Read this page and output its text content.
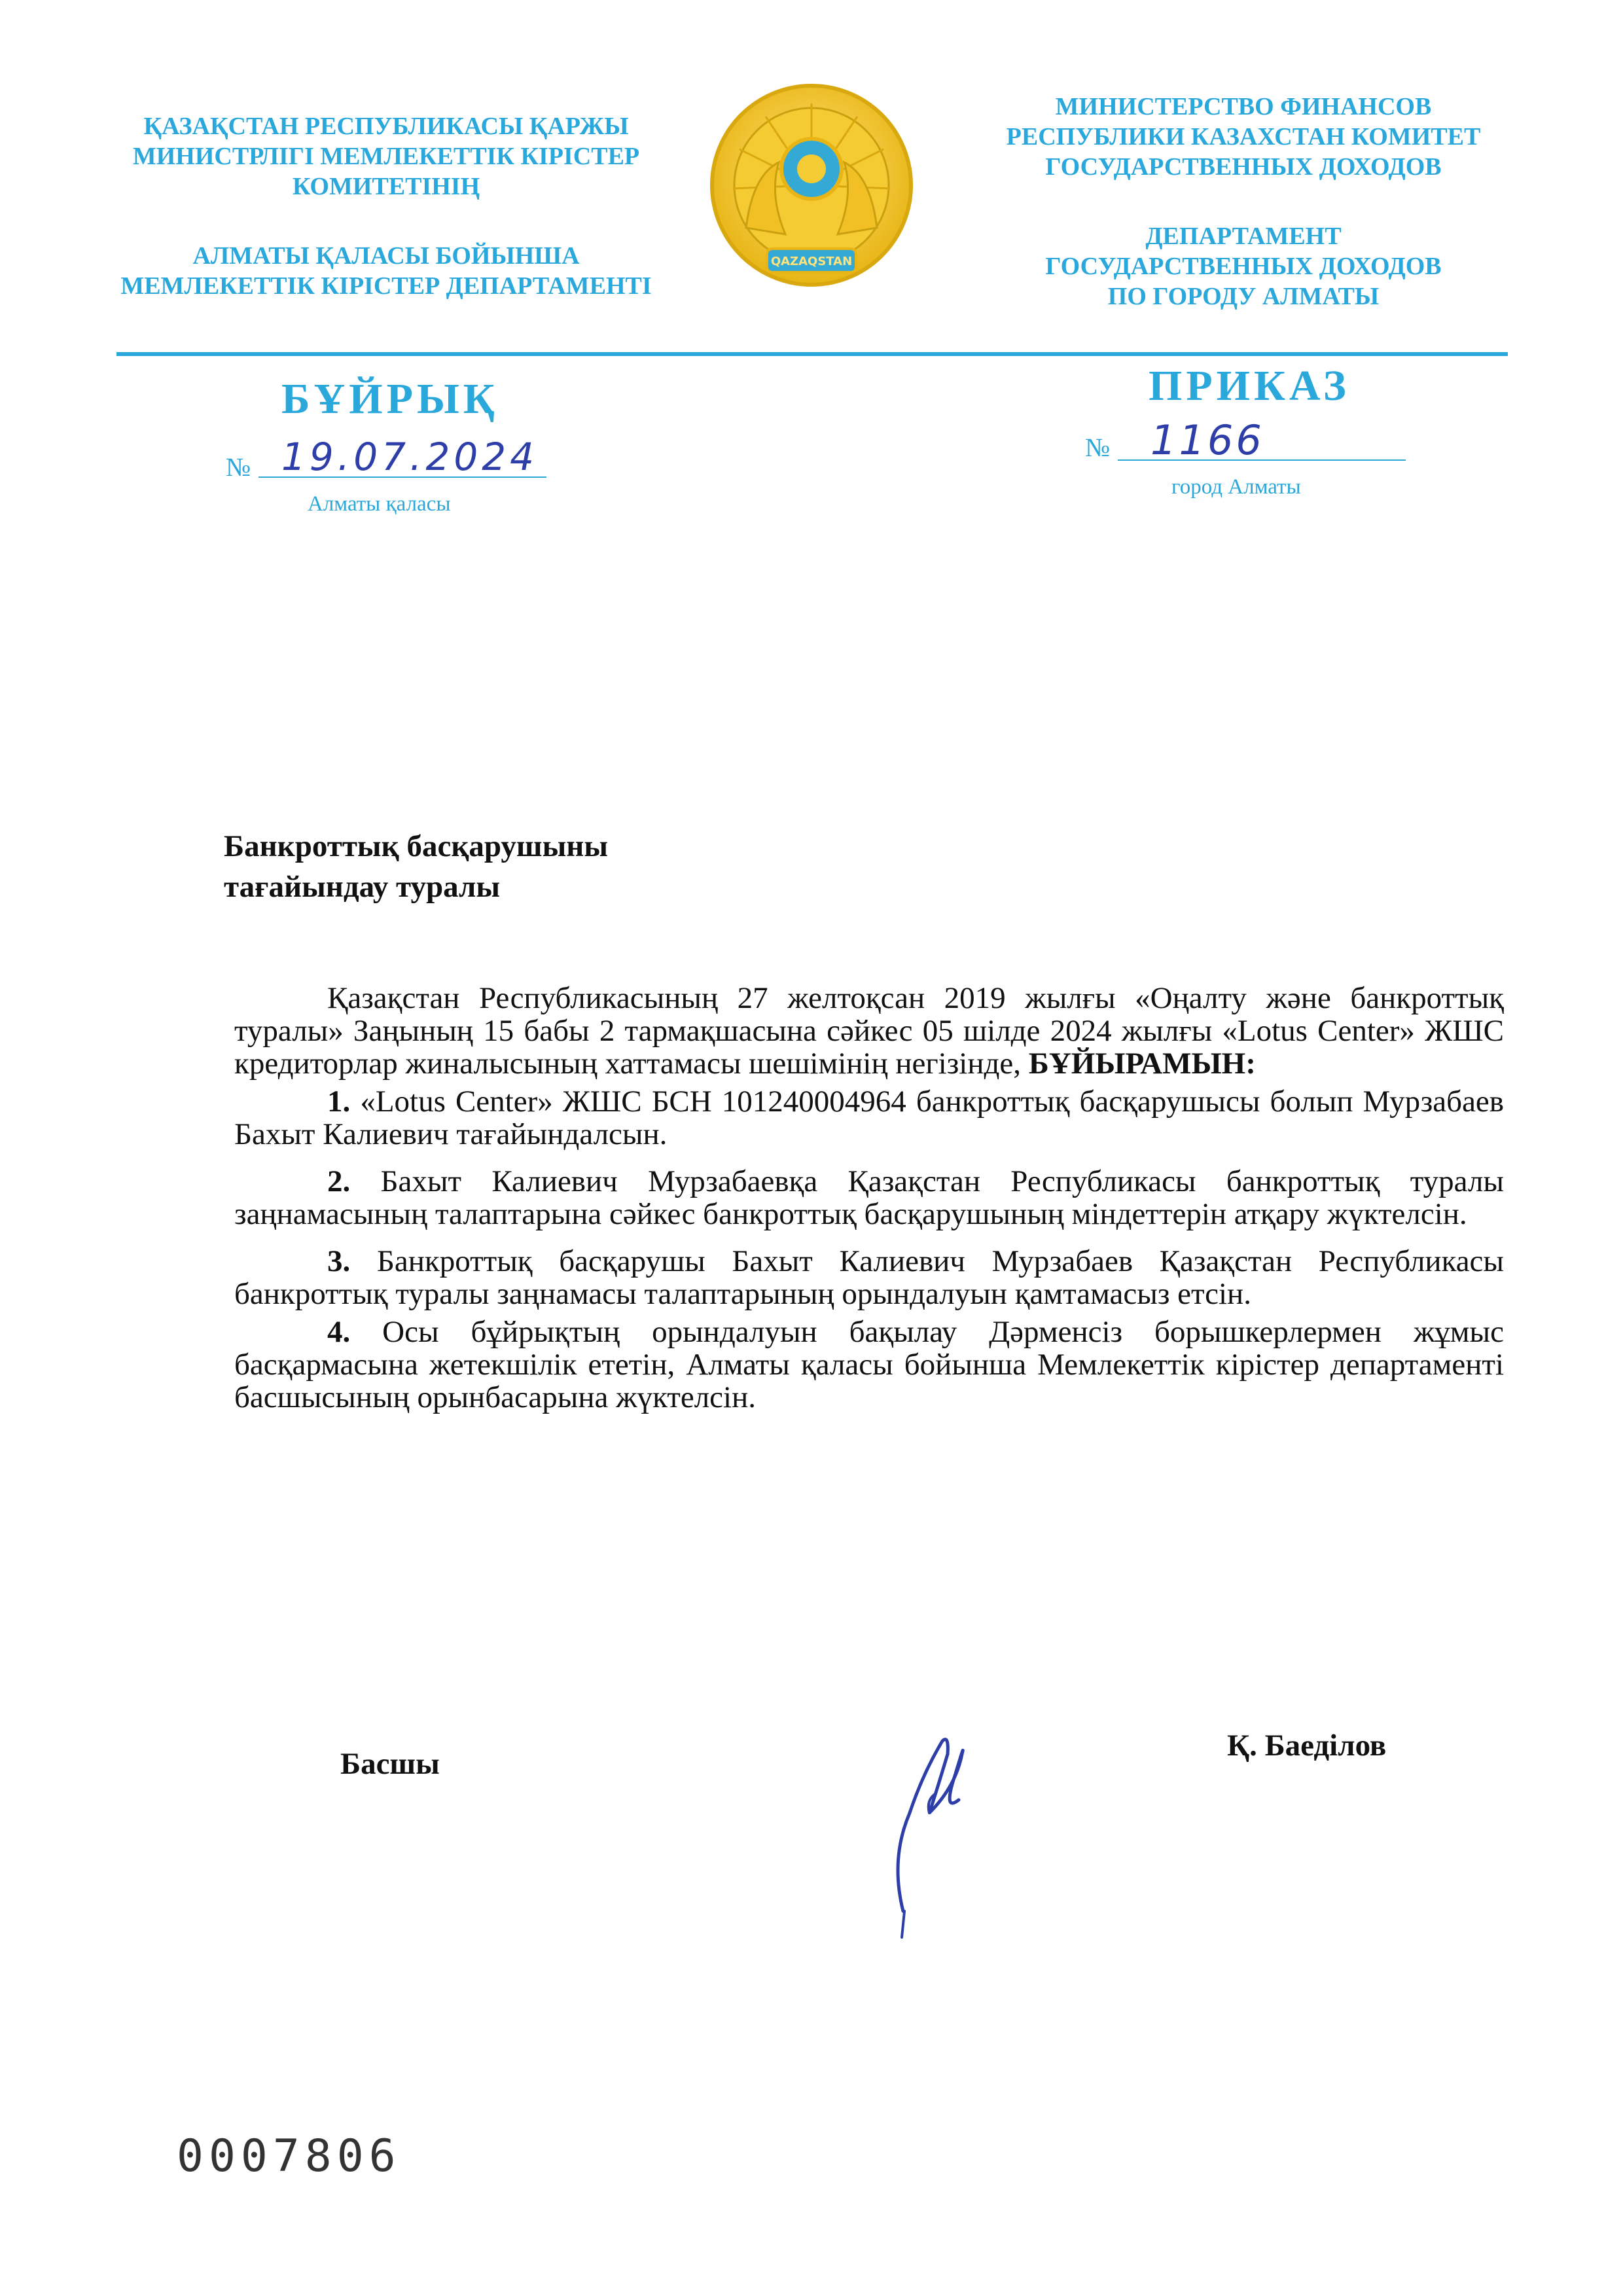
ҚАЗАҚСТАН РЕСПУБЛИКАСЫ ҚАРЖЫ
МИНИСТРЛІГІ МЕМЛЕКЕТТІК КІРІСТЕР
КОМИТЕТІНІҢ
АЛМАТЫ ҚАЛАСЫ БОЙЫНША
МЕМЛЕКЕТТІК КІРІСТЕР ДЕПАРТАМЕНТІ
QAZAQSTAN
МИНИСТЕРСТВО ФИНАНСОВ
РЕСПУБЛИКИ КАЗАХСТАН КОМИТЕТ
ГОСУДАРСТВЕННЫХ ДОХОДОВ
ДЕПАРТАМЕНТ
ГОСУДАРСТВЕННЫХ ДОХОДОВ
ПО ГОРОДУ АЛМАТЫ
БҰЙРЫҚ	ПРИКАЗ
№ 19.07.2024
Алматы қаласы
№ 1166
город Алматы
Банкроттық басқарушыны
тағайындау туралы

Қазақстан Республикасының 27 желтоқсан 2019 жылғы «Оңалту және банкроттық туралы» Заңының 15 бабы 2 тармақшасына сәйкес 05 шілде 2024 жылғы «Lotus Center» ЖШС кредиторлар жиналысының хаттамасы шешімінің негізінде, БҰЙЫРАМЫН:

1. «Lotus Center» ЖШС БСН 101240004964 банкроттық басқарушысы болып Мурзабаев Бахыт Калиевич тағайындалсын.

2. Бахыт Калиевич Мурзабаевқа Қазақстан Республикасы банкроттық туралы заңнамасының талаптарына сәйкес банкроттық басқарушының міндеттерін атқару жүктелсін.

3. Банкроттық басқарушы Бахыт Калиевич Мурзабаев Қазақстан Республикасы банкроттық туралы заңнамасы талаптарының орындалуын қамтамасыз етсін.

4. Осы бұйрықтың орындалуын бақылау Дәрменсіз борышкерлермен жұмыс басқармасына жетекшілік ететін, Алматы қаласы бойынша Мемлекеттік кірістер департаменті басшысының орынбасарына жүктелсін.

Басшы
Қ. Баеділов
0007806
